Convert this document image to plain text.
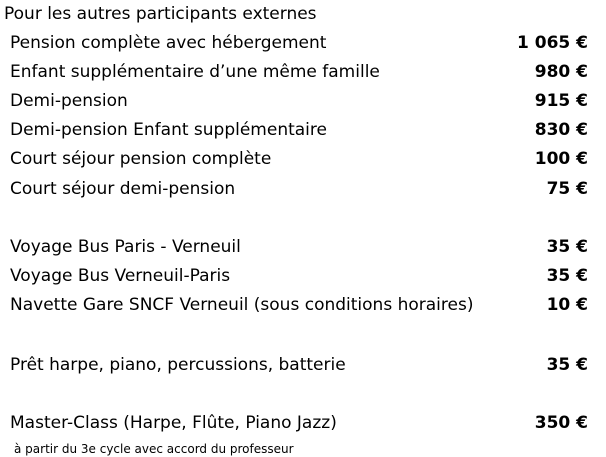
Pour les autres participants externes
Pension complète avec hébergement	1 065 €
Enfant supplémentaire d’une même famille	980 €
Demi-pension	915 €
Demi-pension Enfant supplémentaire	830 €
Court séjour pension complète	100 €
Court séjour demi-pension	75 €
Voyage Bus Paris - Verneuil	35 €
Voyage Bus Verneuil-Paris	35 €
Navette Gare SNCF Verneuil (sous conditions horaires)	10 €
Prêt harpe, piano, percussions, batterie	35 €
Master-Class (Harpe, Flûte, Piano Jazz)	350 €
à partir du 3e cycle avec accord du professeur
